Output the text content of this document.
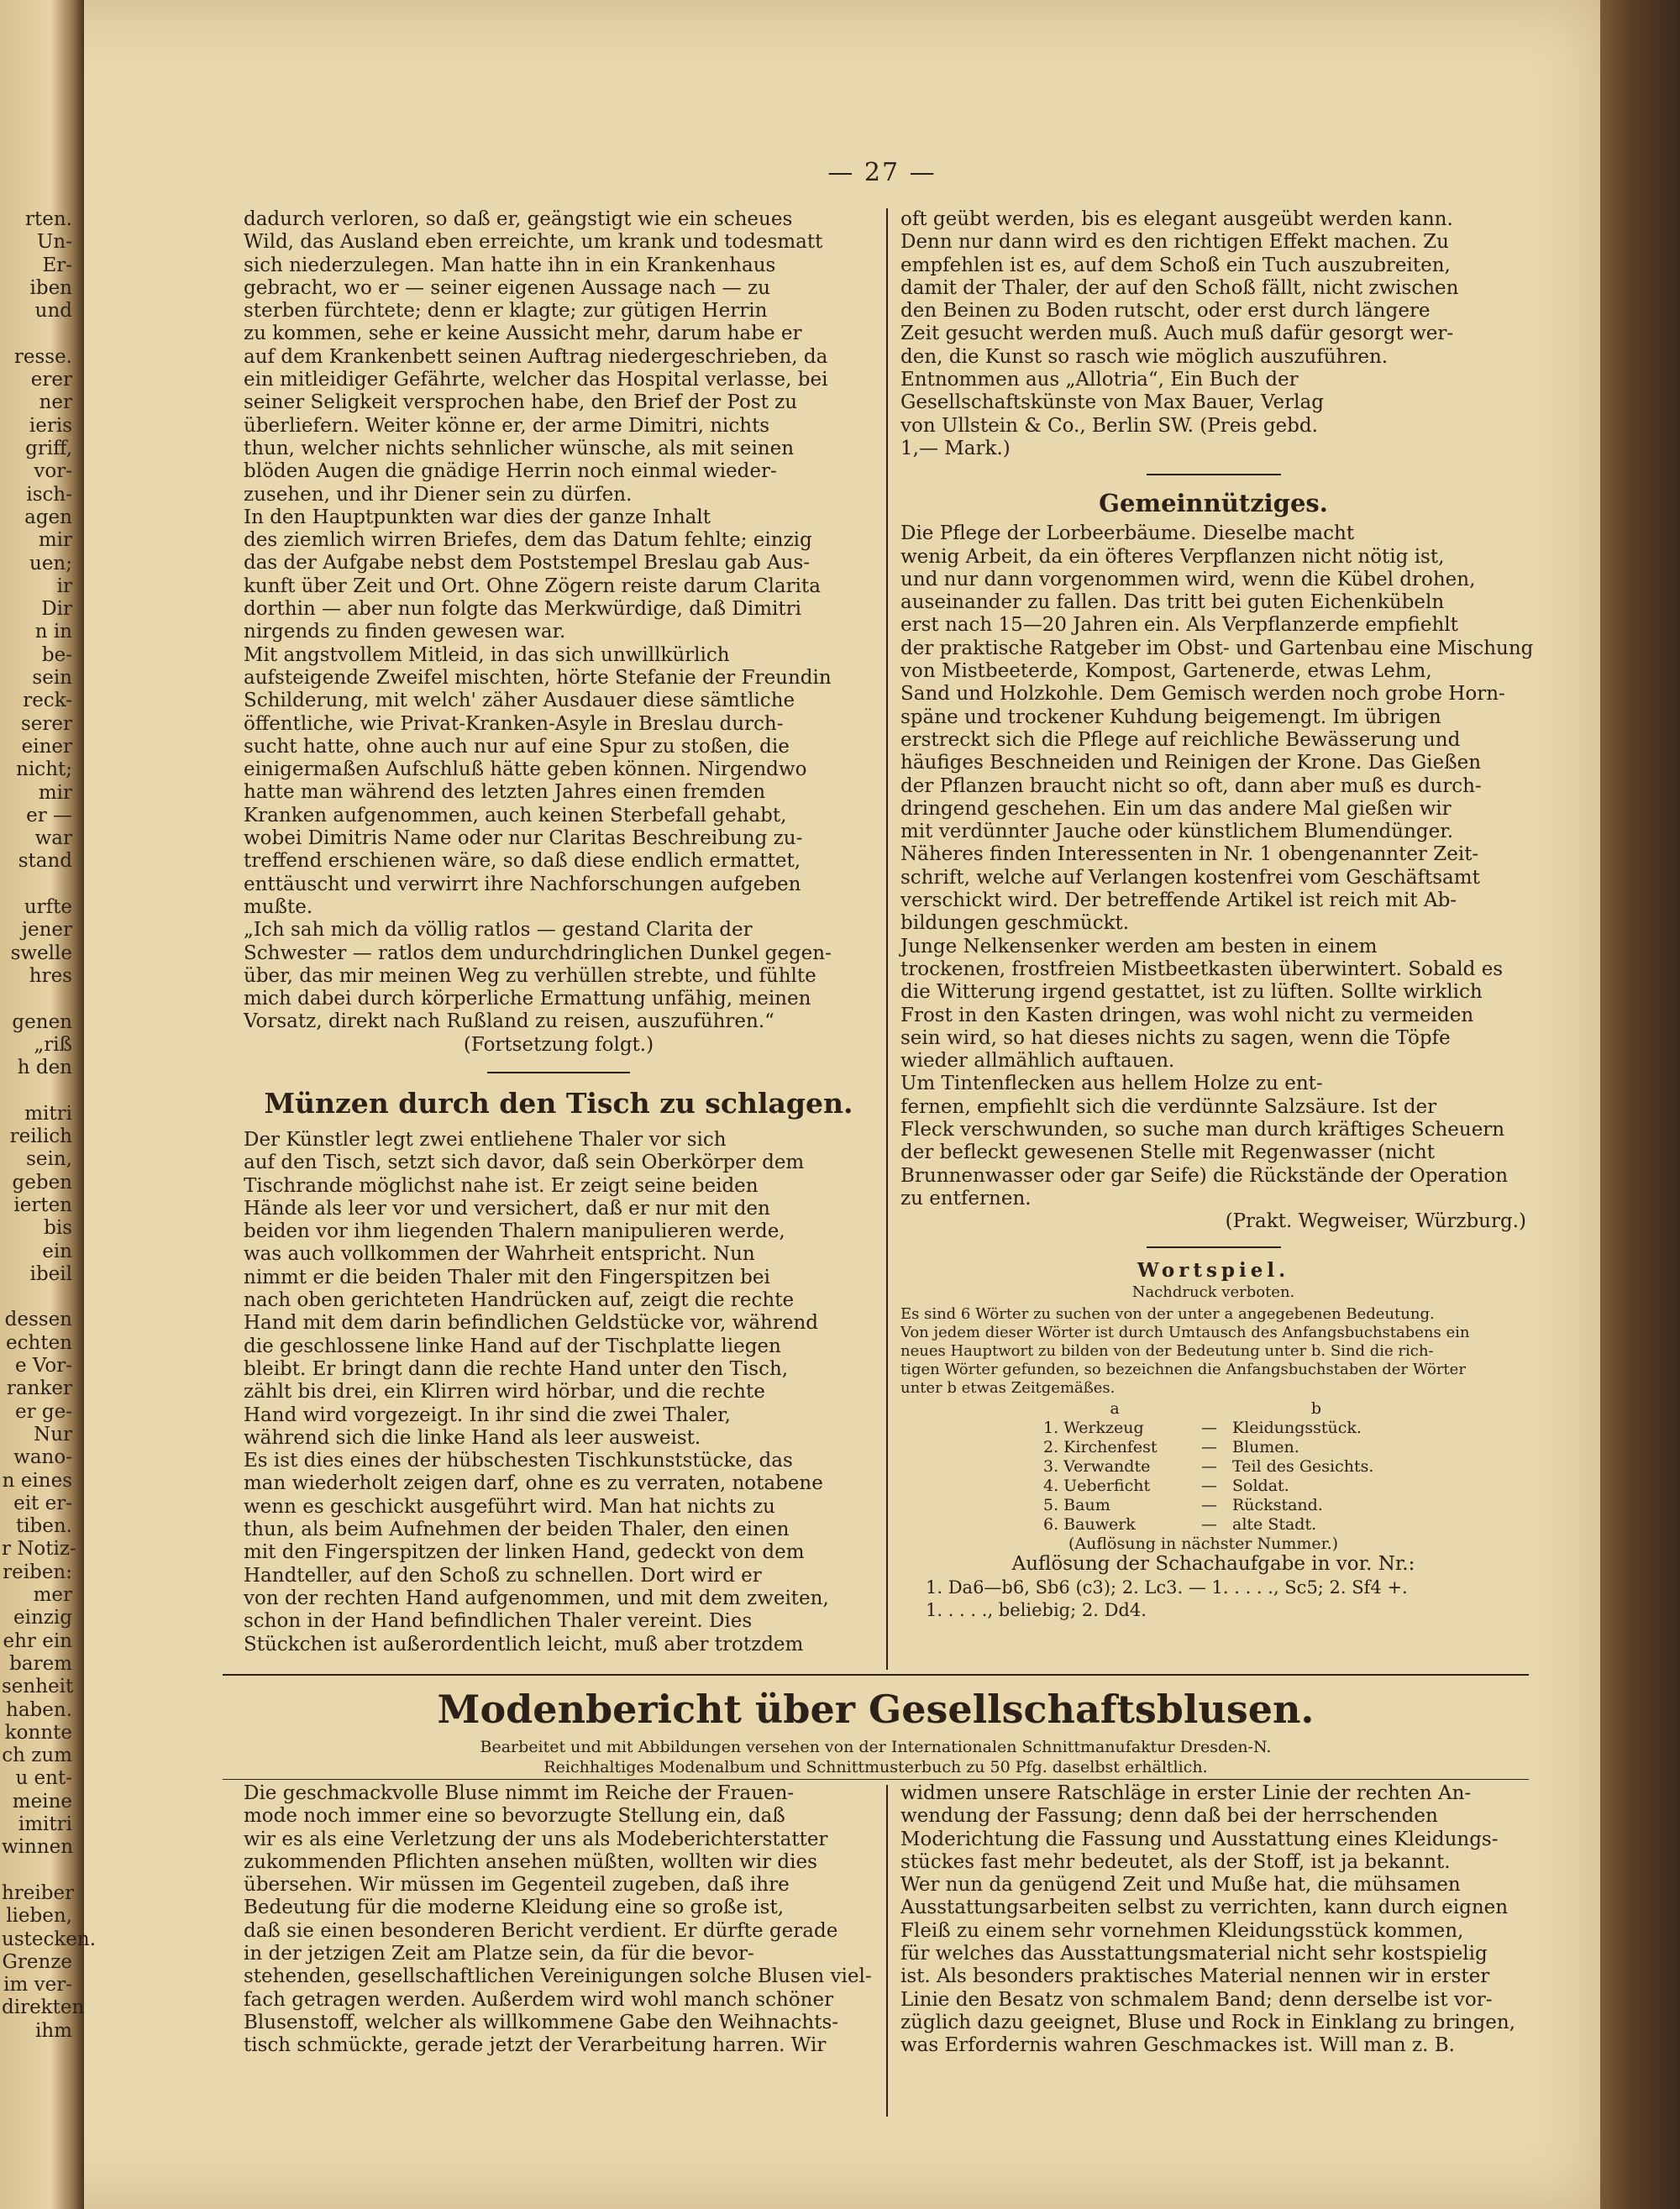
rten.
Un-
Er-
iben
und
resse.
erer
ner
ieris
griff,
vor-
isch-
agen
mir
uen;
ir
Dir
n in
be-
sein
reck-
serer
einer
nicht;
mir
er —
war
stand
urfte
jener
swelle
hres
genen
„riß
h den
mitri
reilich
sein,
geben
ierten
bis
ein
ibeil
dessen
echten
e Vor-
ranker
er ge-
Nur
wano-
n eines
eit er-
tiben.
r Notiz-
reiben:
mer
einzig
ehr ein
barem
senheit
haben.
konnte
ch zum
u ent-
meine
imitri
winnen
hreiber
lieben,
ustecken.
Grenze
im ver-
direkten
ihm
— 27 —
dadurch verloren, so daß er, geängstigt wie ein scheues
Wild, das Ausland eben erreichte, um krank und todesmatt
sich niederzulegen. Man hatte ihn in ein Krankenhaus
gebracht, wo er — seiner eigenen Aussage nach — zu
sterben fürchtete; denn er klagte; zur gütigen Herrin
zu kommen, sehe er keine Aussicht mehr, darum habe er
auf dem Krankenbett seinen Auftrag niedergeschrieben, da
ein mitleidiger Gefährte, welcher das Hospital verlasse, bei
seiner Seligkeit versprochen habe, den Brief der Post zu
überliefern. Weiter könne er, der arme Dimitri, nichts
thun, welcher nichts sehnlicher wünsche, als mit seinen
blöden Augen die gnädige Herrin noch einmal wieder-
zusehen, und ihr Diener sein zu dürfen.
In den Hauptpunkten war dies der ganze Inhalt
des ziemlich wirren Briefes, dem das Datum fehlte; einzig
das der Aufgabe nebst dem Poststempel Breslau gab Aus-
kunft über Zeit und Ort. Ohne Zögern reiste darum Clarita
dorthin — aber nun folgte das Merkwürdige, daß Dimitri
nirgends zu finden gewesen war.
Mit angstvollem Mitleid, in das sich unwillkürlich
aufsteigende Zweifel mischten, hörte Stefanie der Freundin
Schilderung, mit welch' zäher Ausdauer diese sämtliche
öffentliche, wie Privat-Kranken-Asyle in Breslau durch-
sucht hatte, ohne auch nur auf eine Spur zu stoßen, die
einigermaßen Aufschluß hätte geben können. Nirgendwo
hatte man während des letzten Jahres einen fremden
Kranken aufgenommen, auch keinen Sterbefall gehabt,
wobei Dimitris Name oder nur Claritas Beschreibung zu-
treffend erschienen wäre, so daß diese endlich ermattet,
enttäuscht und verwirrt ihre Nachforschungen aufgeben
mußte.
„Ich sah mich da völlig ratlos — gestand Clarita der
Schwester — ratlos dem undurchdringlichen Dunkel gegen-
über, das mir meinen Weg zu verhüllen strebte, und fühlte
mich dabei durch körperliche Ermattung unfähig, meinen
Vorsatz, direkt nach Rußland zu reisen, auszuführen.“
(Fortsetzung folgt.)
Münzen durch den Tisch zu schlagen.
Der Künstler legt zwei entliehene Thaler vor sich
auf den Tisch, setzt sich davor, daß sein Oberkörper dem
Tischrande möglichst nahe ist. Er zeigt seine beiden
Hände als leer vor und versichert, daß er nur mit den
beiden vor ihm liegenden Thalern manipulieren werde,
was auch vollkommen der Wahrheit entspricht. Nun
nimmt er die beiden Thaler mit den Fingerspitzen bei
nach oben gerichteten Handrücken auf, zeigt die rechte
Hand mit dem darin befindlichen Geldstücke vor, während
die geschlossene linke Hand auf der Tischplatte liegen
bleibt. Er bringt dann die rechte Hand unter den Tisch,
zählt bis drei, ein Klirren wird hörbar, und die rechte
Hand wird vorgezeigt. In ihr sind die zwei Thaler,
während sich die linke Hand als leer ausweist.
Es ist dies eines der hübschesten Tischkunststücke, das
man wiederholt zeigen darf, ohne es zu verraten, notabene
wenn es geschickt ausgeführt wird. Man hat nichts zu
thun, als beim Aufnehmen der beiden Thaler, den einen
mit den Fingerspitzen der linken Hand, gedeckt von dem
Handteller, auf den Schoß zu schnellen. Dort wird er
von der rechten Hand aufgenommen, und mit dem zweiten,
schon in der Hand befindlichen Thaler vereint. Dies
Stückchen ist außerordentlich leicht, muß aber trotzdem
oft geübt werden, bis es elegant ausgeübt werden kann.
Denn nur dann wird es den richtigen Effekt machen. Zu
empfehlen ist es, auf dem Schoß ein Tuch auszubreiten,
damit der Thaler, der auf den Schoß fällt, nicht zwischen
den Beinen zu Boden rutscht, oder erst durch längere
Zeit gesucht werden muß. Auch muß dafür gesorgt wer-
den, die Kunst so rasch wie möglich auszuführen.
Entnommen aus „Allotria“, Ein Buch der
Gesellschaftskünste von Max Bauer, Verlag
von Ullstein & Co., Berlin SW. (Preis gebd.
1,— Mark.)
Gemeinnütziges.
Die Pflege der Lorbeerbäume. Dieselbe macht
wenig Arbeit, da ein öfteres Verpflanzen nicht nötig ist,
und nur dann vorgenommen wird, wenn die Kübel drohen,
auseinander zu fallen. Das tritt bei guten Eichenkübeln
erst nach 15—20 Jahren ein. Als Verpflanzerde empfiehlt
der praktische Ratgeber im Obst- und Gartenbau eine Mischung
von Mistbeeterde, Kompost, Gartenerde, etwas Lehm,
Sand und Holzkohle. Dem Gemisch werden noch grobe Horn-
späne und trockener Kuhdung beigemengt. Im übrigen
erstreckt sich die Pflege auf reichliche Bewässerung und
häufiges Beschneiden und Reinigen der Krone. Das Gießen
der Pflanzen braucht nicht so oft, dann aber muß es durch-
dringend geschehen. Ein um das andere Mal gießen wir
mit verdünnter Jauche oder künstlichem Blumendünger.
Näheres finden Interessenten in Nr. 1 obengenannter Zeit-
schrift, welche auf Verlangen kostenfrei vom Geschäftsamt
verschickt wird. Der betreffende Artikel ist reich mit Ab-
bildungen geschmückt.
Junge Nelkensenker werden am besten in einem
trockenen, frostfreien Mistbeetkasten überwintert. Sobald es
die Witterung irgend gestattet, ist zu lüften. Sollte wirklich
Frost in den Kasten dringen, was wohl nicht zu vermeiden
sein wird, so hat dieses nichts zu sagen, wenn die Töpfe
wieder allmählich auftauen.
Um Tintenflecken aus hellem Holze zu ent-
fernen, empfiehlt sich die verdünnte Salzsäure. Ist der
Fleck verschwunden, so suche man durch kräftiges Scheuern
der befleckt gewesenen Stelle mit Regenwasser (nicht
Brunnenwasser oder gar Seife) die Rückstände der Operation
zu entfernen.
(Prakt. Wegweiser, Würzburg.)
Wortspiel.
Nachdruck verboten.
Es sind 6 Wörter zu suchen von der unter a angegebenen Bedeutung.
Von jedem dieser Wörter ist durch Umtausch des Anfangsbuchstabens ein
neues Hauptwort zu bilden von der Bedeutung unter b. Sind die rich-
tigen Wörter gefunden, so bezeichnen die Anfangsbuchstaben der Wörter
unter b etwas Zeitgemäßes.
a	b
1. Werkzeug	— Kleidungsstück.
2. Kirchenfest	— Blumen.
3. Verwandte	— Teil des Gesichts.
4. Ueberficht	— Soldat.
5. Baum	— Rückstand.
6. Bauwerk	— alte Stadt.
(Auflösung in nächster Nummer.)
Auflösung der Schachaufgabe in vor. Nr.:
1. Da6—b6, Sb6 (c3); 2. Lc3. — 1. . . . ., Sc5; 2. Sf4 +.
1. . . . ., beliebig; 2. Dd4.
Modenbericht über Gesellschaftsblusen.
Bearbeitet und mit Abbildungen versehen von der Internationalen Schnittmanufaktur Dresden-N.
Reichhaltiges Modenalbum und Schnittmusterbuch zu 50 Pfg. daselbst erhältlich.
Die geschmackvolle Bluse nimmt im Reiche der Frauen-
mode noch immer eine so bevorzugte Stellung ein, daß
wir es als eine Verletzung der uns als Modeberichterstatter
zukommenden Pflichten ansehen müßten, wollten wir dies
übersehen. Wir müssen im Gegenteil zugeben, daß ihre
Bedeutung für die moderne Kleidung eine so große ist,
daß sie einen besonderen Bericht verdient. Er dürfte gerade
in der jetzigen Zeit am Platze sein, da für die bevor-
stehenden, gesellschaftlichen Vereinigungen solche Blusen viel-
fach getragen werden. Außerdem wird wohl manch schöner
Blusenstoff, welcher als willkommene Gabe den Weihnachts-
tisch schmückte, gerade jetzt der Verarbeitung harren. Wir
widmen unsere Ratschläge in erster Linie der rechten An-
wendung der Fassung; denn daß bei der herrschenden
Moderichtung die Fassung und Ausstattung eines Kleidungs-
stückes fast mehr bedeutet, als der Stoff, ist ja bekannt.
Wer nun da genügend Zeit und Muße hat, die mühsamen
Ausstattungsarbeiten selbst zu verrichten, kann durch eignen
Fleiß zu einem sehr vornehmen Kleidungsstück kommen,
für welches das Ausstattungsmaterial nicht sehr kostspielig
ist. Als besonders praktisches Material nennen wir in erster
Linie den Besatz von schmalem Band; denn derselbe ist vor-
züglich dazu geeignet, Bluse und Rock in Einklang zu bringen,
was Erfordernis wahren Geschmackes ist. Will man z. B.
